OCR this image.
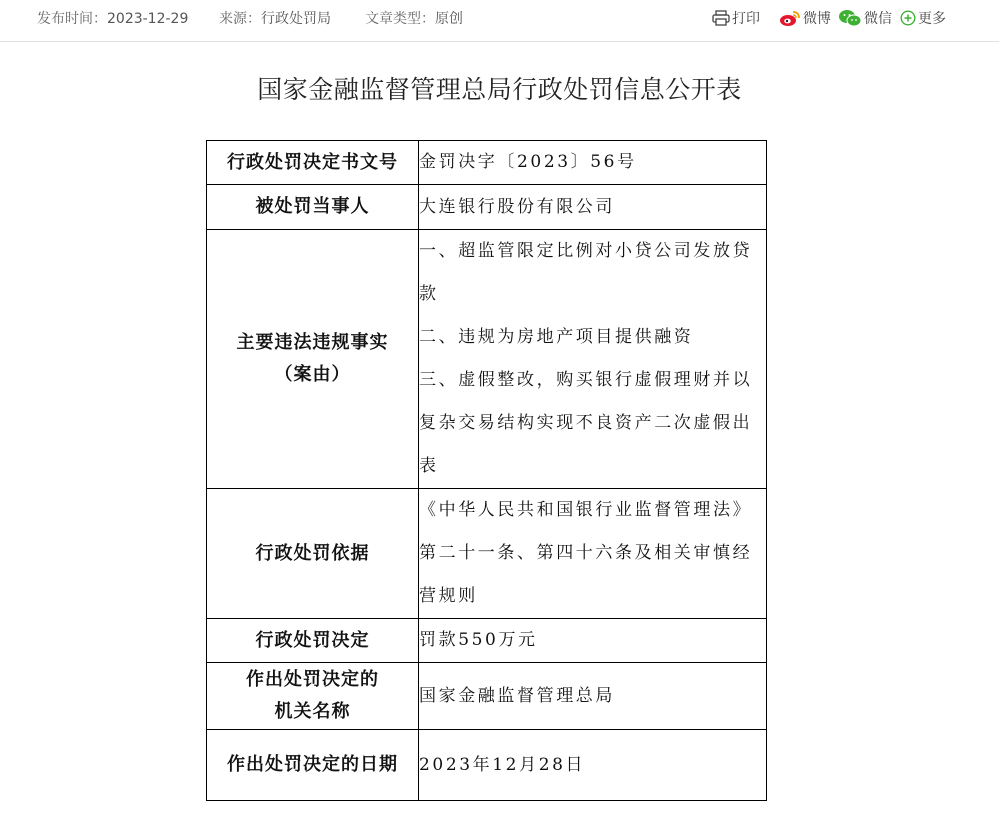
发布时间：2023-12-29 来源：行政处罚局 文章类型：原创	打印	微博 微信 更多
国家金融监督管理总局行政处罚信息公开表
行政处罚决定书文号	金罚决字〔2023〕56号
被处罚当事人	大连银行股份有限公司

主要违法违规事实
（案由）	一、超监管限定比例对小贷公司发放贷款
二、违规为房地产项目提供融资
三、虚假整改，购买银行虚假理财并以复杂交易结构实现不良资产二次虚假出表

行政处罚依据	《中华人民共和国银行业监督管理法》第二十一条、第四十六条及相关审慎经营规则
行政处罚决定	罚款550万元

作出处罚决定的
机关名称	国家金融监督管理总局
作出处罚决定的日期	2023年12月28日
